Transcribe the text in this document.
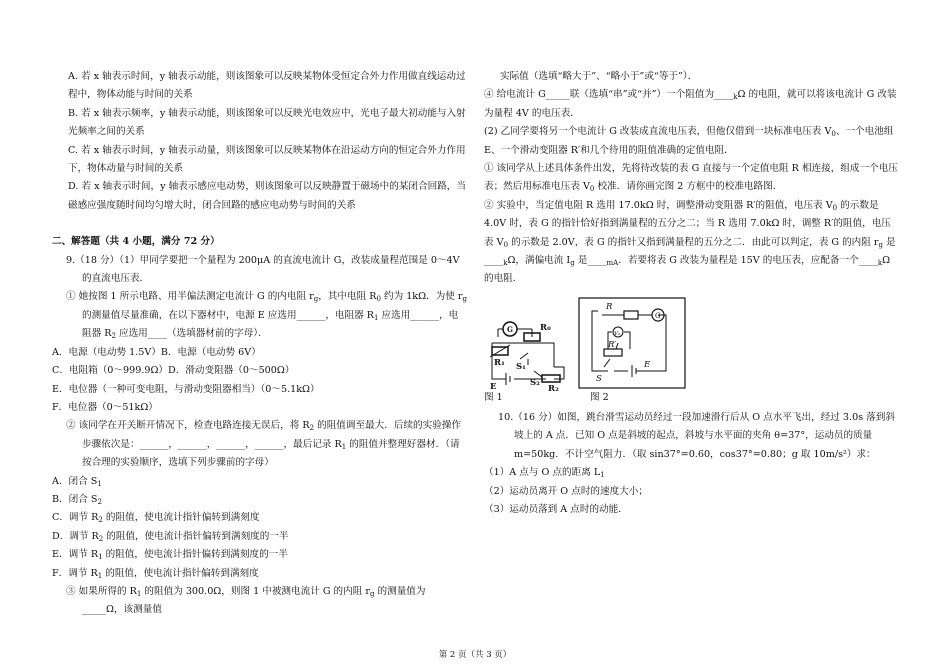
A. 若 x 轴表示时间，y 轴表示动能，则该图象可以反映某物体受恒定合外力作用做直线运动过程中，物体动能与时间的关系

B. 若 x 轴表示频率，y 轴表示动能，则该图象可以反映光电效应中，光电子最大初动能与入射光频率之间的关系

C. 若 x 轴表示时间，y 轴表示动量，则该图象可以反映某物体在沿运动方向的恒定合外力作用下，物体动量与时间的关系

D. 若 x 轴表示时间，y 轴表示感应电动势，则该图象可以反映静置于磁场中的某闭合回路，当磁感应强度随时间均匀增大时，闭合回路的感应电动势与时间的关系

二、解答题（共 4 小题，满分 72 分）

9.（18 分）（1）甲同学要把一个量程为 200μA 的直流电流计 G，改装成量程范围是 0～4V 的直流电压表．

① 她按图 1 所示电路、用半偏法测定电流计 G 的内电阻 $r_g$，其中电阻 $R_0$ 约为 1kΩ．为使 $r_g$ 的测量值尽量准确，在以下器材中，电源 E 应选用______，电阻器 $R_1$ 应选用______，电阻器 $R_2$ 应选用____（选填器材前的字母）．

A．电源（电动势 1.5V）B．电源（电动势 6V）

C．电阻箱（0～999.9Ω）D．滑动变阻器（0～500Ω）

E．电位器（一种可变电阻，与滑动变阻器相当）（0～5.1kΩ）

F．电位器（0～51kΩ）

② 该同学在开关断开情况下，检查电路连接无误后，将 $R_2$ 的阻值调至最大．后续的实验操作步骤依次是：______，______，______，______，最后记录 $R_1$ 的阻值并整理好器材．（请按合理的实验顺序，选填下列步骤前的字母）

A．闭合 $S_1$

B．闭合 $S_2$

C．调节 $R_2$ 的阻值，使电流计指针偏转到满刻度

D．调节 $R_2$ 的阻值，使电流计指针偏转到满刻度的一半

E．调节 $R_1$ 的阻值，使电流计指针偏转到满刻度的一半

F．调节 $R_1$ 的阻值，使电流计指针偏转到满刻度

③ 如果所得的 $R_1$ 的阻值为 300.0Ω，则图 1 中被测电流计 G 的内阻 $r_g$ 的测量值为_____Ω，该测量值

实际值（选填“略大于”、“略小于”或“等于”）．

④ 给电流计 G_____联（选填“串”或“并”）一个阻值为$\_\_\_\__k\Omega$ 的电阻，就可以将该电流计 G 改装为量程 4V 的电压表．

(2) 乙同学要将另一个电流计 G 改装成直流电压表，但他仅借到一块标准电压表 $V_0$、一个电池组 E、一个滑动变阻器 R′和几个待用的阻值准确的定值电阻．

① 该同学从上述具体条件出发，先将待改装的表 G 直接与一个定值电阻 R 相连接，组成一个电压表；然后用标准电压表 $V_0$ 校准．请你画完图 2 方框中的校准电路图．

② 实验中，当定值电阻 R 选用 17.0kΩ 时，调整滑动变阻器 R′的阻值，电压表 $V_0$ 的示数是 4.0V 时，表 G 的指针恰好指到满量程的五分之二；当 R 选用 7.0kΩ 时，调整 R′的阻值，电压表 $V_0$ 的示数是 2.0V，表 G 的指针又指到满量程的五分之二．由此可以判定，表 G 的内阻 $r_g$ 是$\_\_\_\__k\Omega$，满偏电流 $I_g$ 是$\_\_\_\__{mA}$．若要将表 G 改装为量程是 15V 的电压表，应配备一个$\_\_\_\__k\Omega$ 的电阻．

G	R₀
R₁ S₁
S₂
R₂
E
R
G
V₀
R′
S
E
图 1	图 2

10.（16 分）如图，跳台滑雪运动员经过一段加速滑行后从 O 点水平飞出，经过 3.0s 落到斜坡上的 A 点．已知 O 点是斜坡的起点，斜坡与水平面的夹角 θ=37°，运动员的质量 m=50kg．不计空气阻力．（取 sin37°=0.60，cos37°=0.80；g 取 10m/s²）求：

（1）A 点与 O 点的距离 $L_1$

（2）运动员离开 O 点时的速度大小；

（3）运动员落到 A 点时的动能．

第 2 页（共 3 页）
